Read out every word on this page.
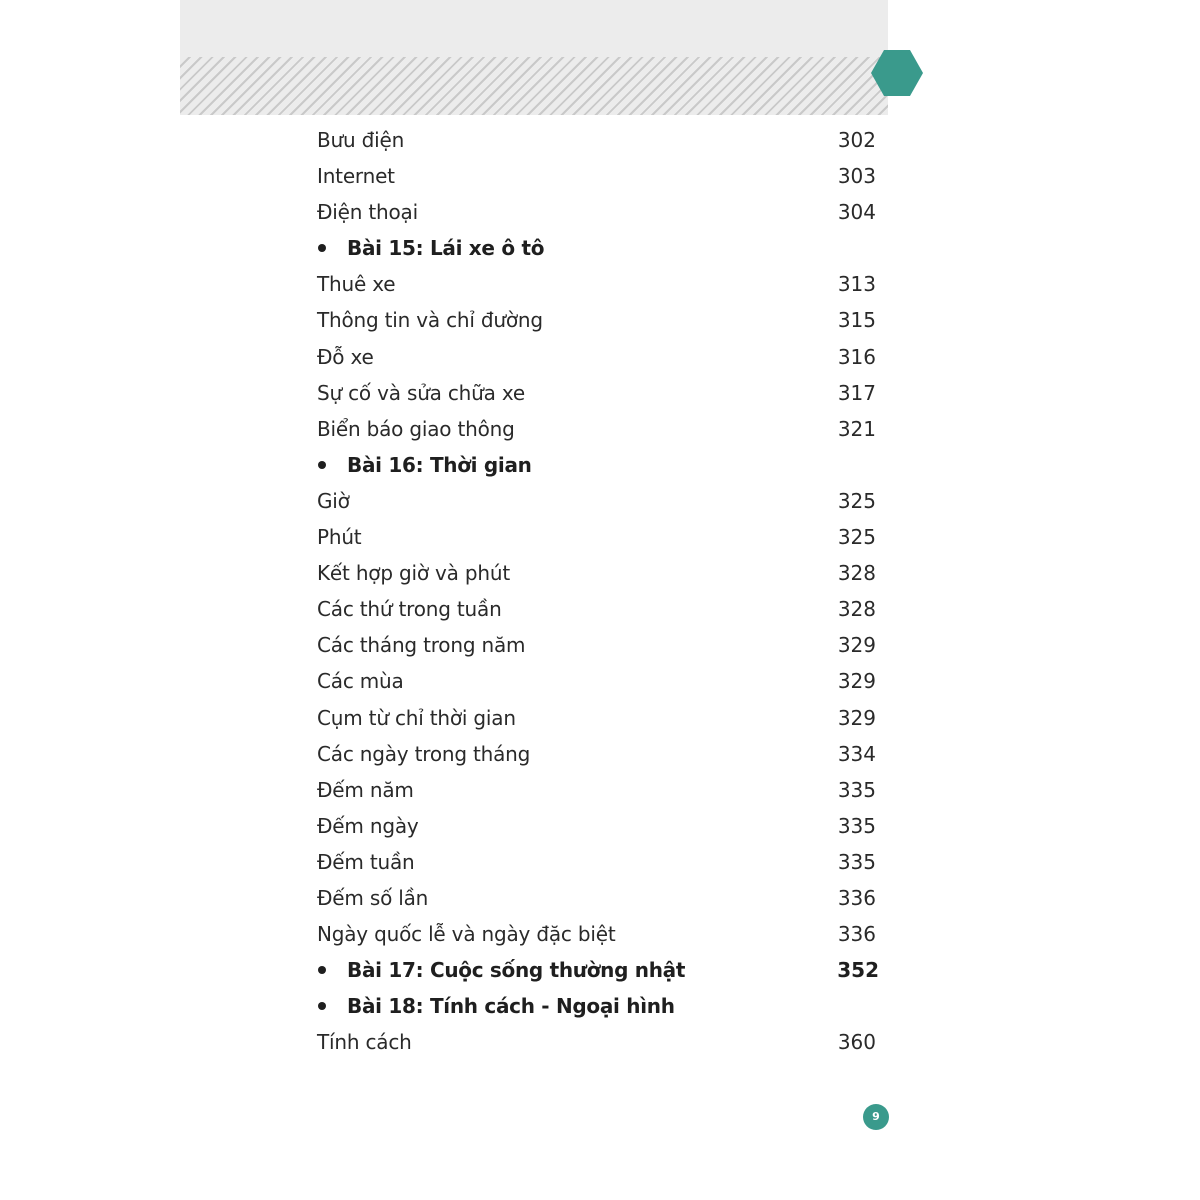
Bưu điện	302
Internet	303
Điện thoại	304
Bài 15: Lái xe ô tô
Thuê xe	313
Thông tin và chỉ đường	315
Đỗ xe	316
Sự cố và sửa chữa xe	317
Biển báo giao thông	321
Bài 16: Thời gian
Giờ	325
Phút	325
Kết hợp giờ và phút	328
Các thứ trong tuần	328
Các tháng trong năm	329
Các mùa	329
Cụm từ chỉ thời gian	329
Các ngày trong tháng	334
Đếm năm	335
Đếm ngày	335
Đếm tuần	335
Đếm số lần	336
Ngày quốc lễ và ngày đặc biệt	336
Bài 17: Cuộc sống thường nhật	352
Bài 18: Tính cách - Ngoại hình
Tính cách	360
9
